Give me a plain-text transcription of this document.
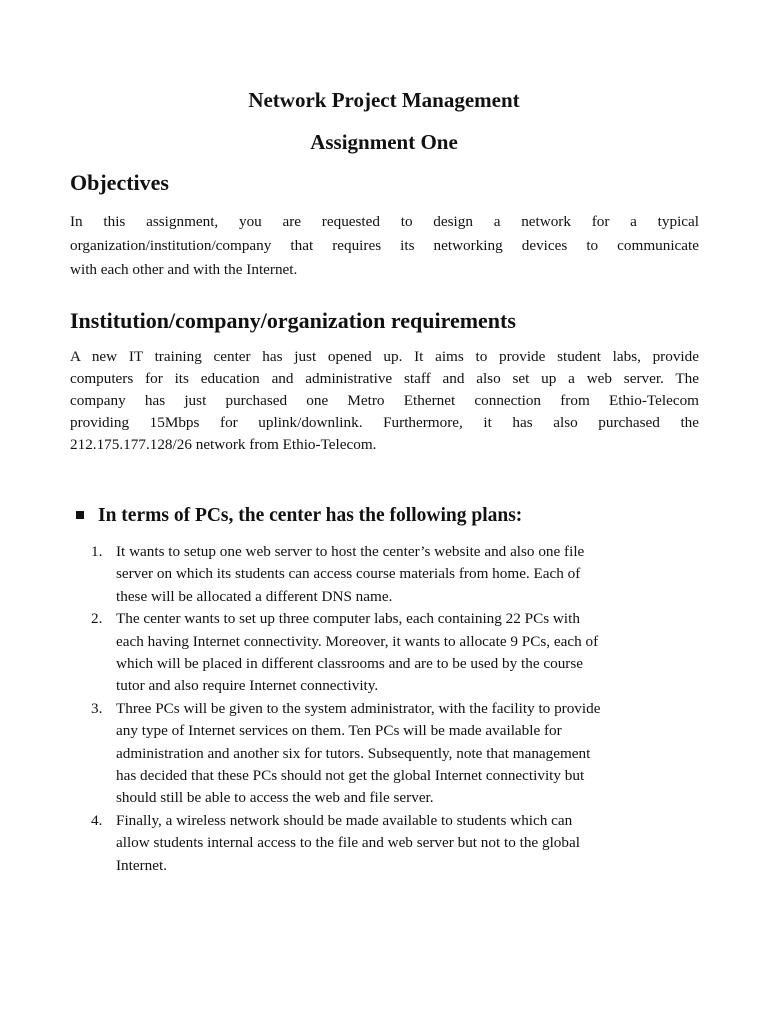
Network Project Management
Assignment One
Objectives

In this assignment, you are requested to design a network for a typical
organization/institution/company that requires its networking devices to communicate
with each other and with the Internet.

Institution/company/organization requirements

A new IT training center has just opened up. It aims to provide student labs, provide
computers for its education and administrative staff and also set up a web server. The
company has just purchased one Metro Ethernet connection from Ethio-Telecom
providing 15Mbps for uplink/downlink. Furthermore, it has also purchased the
212.175.177.128/26 network from Ethio-Telecom.

In terms of PCs, the center has the following plans:
1. It wants to setup one web server to host the center’s website and also one file
server on which its students can access course materials from home. Each of
these will be allocated a different DNS name.
2. The center wants to set up three computer labs, each containing 22 PCs with
each having Internet connectivity. Moreover, it wants to allocate 9 PCs, each of
which will be placed in different classrooms and are to be used by the course
tutor and also require Internet connectivity.
3. Three PCs will be given to the system administrator, with the facility to provide
any type of Internet services on them. Ten PCs will be made available for
administration and another six for tutors. Subsequently, note that management
has decided that these PCs should not get the global Internet connectivity but
should still be able to access the web and file server.
4. Finally, a wireless network should be made available to students which can
allow students internal access to the file and web server but not to the global
Internet.
